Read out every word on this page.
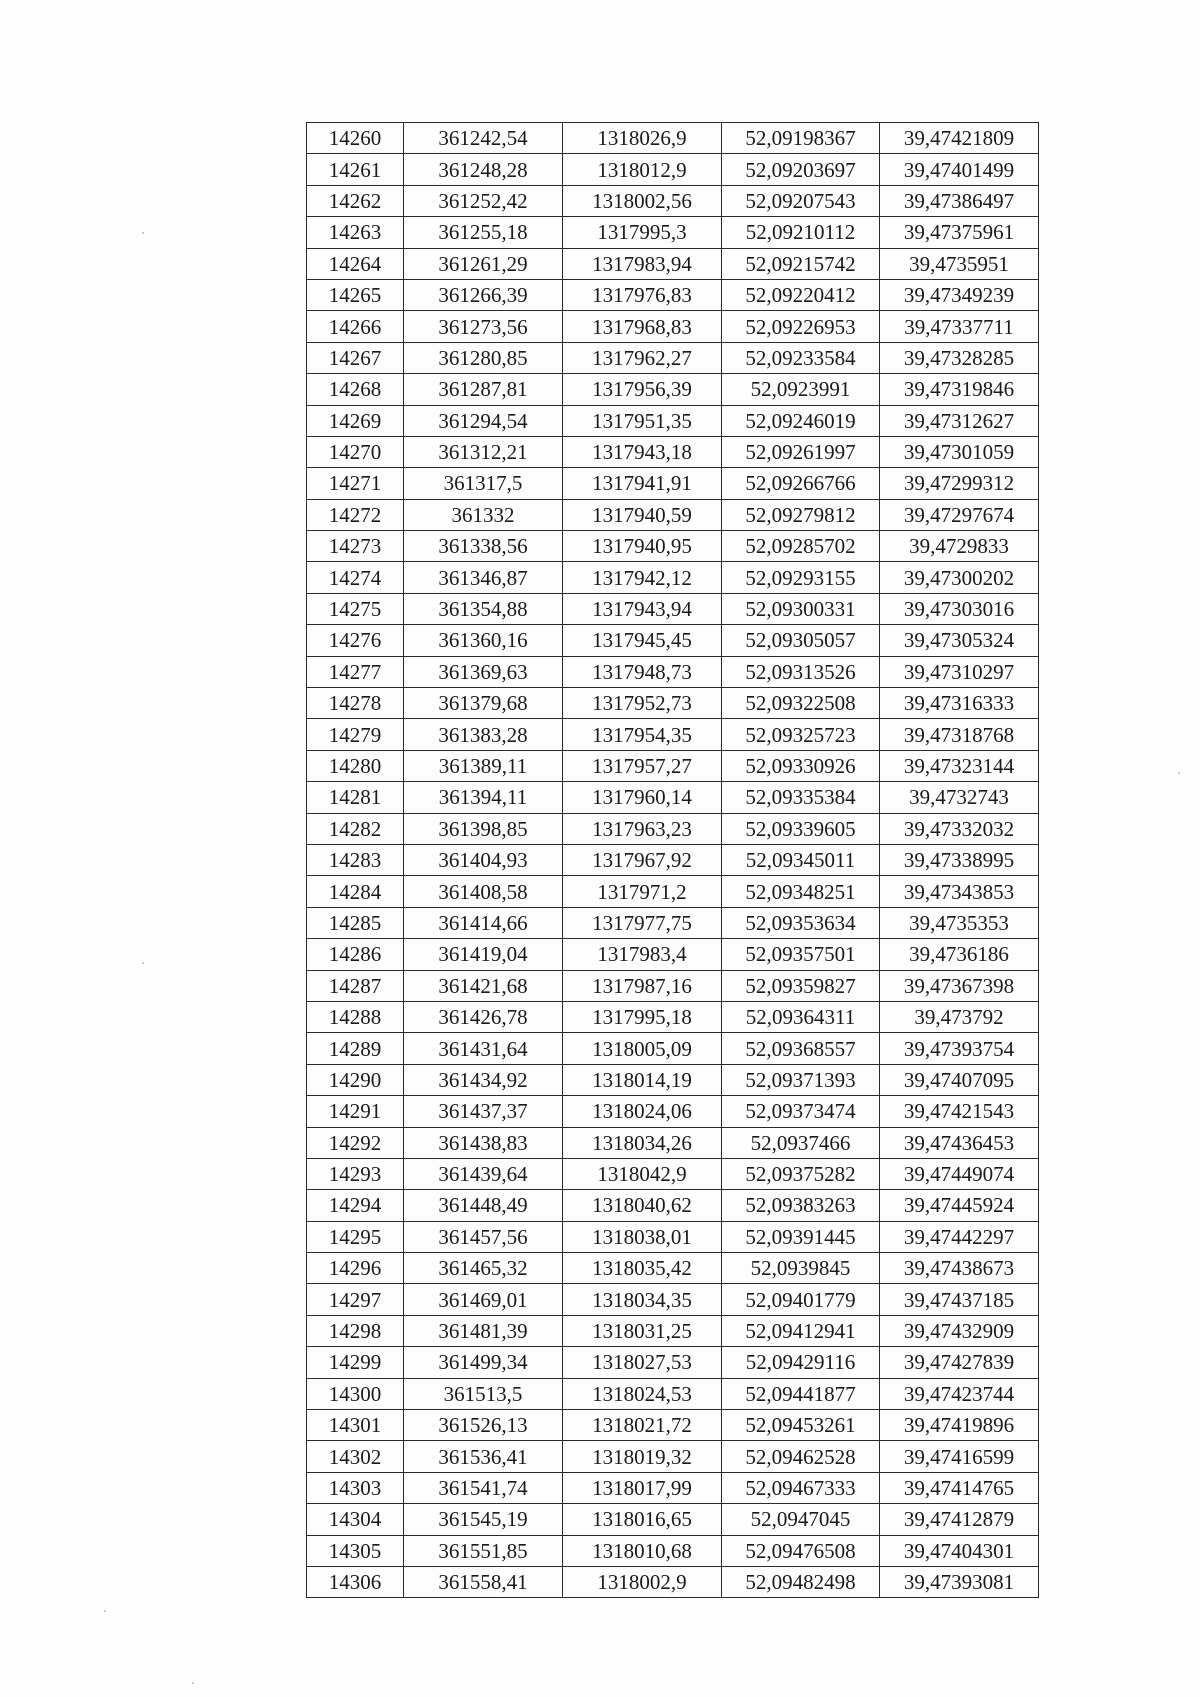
14260	361242,54	1318026,9	52,09198367	39,47421809
14261	361248,28	1318012,9	52,09203697	39,47401499
14262	361252,42	1318002,56	52,09207543	39,47386497
14263	361255,18	1317995,3	52,09210112	39,47375961
14264	361261,29	1317983,94	52,09215742	39,4735951
14265	361266,39	1317976,83	52,09220412	39,47349239
14266	361273,56	1317968,83	52,09226953	39,47337711
14267	361280,85	1317962,27	52,09233584	39,47328285
14268	361287,81	1317956,39	52,0923991	39,47319846
14269	361294,54	1317951,35	52,09246019	39,47312627
14270	361312,21	1317943,18	52,09261997	39,47301059
14271	361317,5	1317941,91	52,09266766	39,47299312
14272	361332	1317940,59	52,09279812	39,47297674
14273	361338,56	1317940,95	52,09285702	39,4729833
14274	361346,87	1317942,12	52,09293155	39,47300202
14275	361354,88	1317943,94	52,09300331	39,47303016
14276	361360,16	1317945,45	52,09305057	39,47305324
14277	361369,63	1317948,73	52,09313526	39,47310297
14278	361379,68	1317952,73	52,09322508	39,47316333
14279	361383,28	1317954,35	52,09325723	39,47318768
14280	361389,11	1317957,27	52,09330926	39,47323144
14281	361394,11	1317960,14	52,09335384	39,4732743
14282	361398,85	1317963,23	52,09339605	39,47332032
14283	361404,93	1317967,92	52,09345011	39,47338995
14284	361408,58	1317971,2	52,09348251	39,47343853
14285	361414,66	1317977,75	52,09353634	39,4735353
14286	361419,04	1317983,4	52,09357501	39,4736186
14287	361421,68	1317987,16	52,09359827	39,47367398
14288	361426,78	1317995,18	52,09364311	39,473792
14289	361431,64	1318005,09	52,09368557	39,47393754
14290	361434,92	1318014,19	52,09371393	39,47407095
14291	361437,37	1318024,06	52,09373474	39,47421543
14292	361438,83	1318034,26	52,0937466	39,47436453
14293	361439,64	1318042,9	52,09375282	39,47449074
14294	361448,49	1318040,62	52,09383263	39,47445924
14295	361457,56	1318038,01	52,09391445	39,47442297
14296	361465,32	1318035,42	52,0939845	39,47438673
14297	361469,01	1318034,35	52,09401779	39,47437185
14298	361481,39	1318031,25	52,09412941	39,47432909
14299	361499,34	1318027,53	52,09429116	39,47427839
14300	361513,5	1318024,53	52,09441877	39,47423744
14301	361526,13	1318021,72	52,09453261	39,47419896
14302	361536,41	1318019,32	52,09462528	39,47416599
14303	361541,74	1318017,99	52,09467333	39,47414765
14304	361545,19	1318016,65	52,0947045	39,47412879
14305	361551,85	1318010,68	52,09476508	39,47404301
14306	361558,41	1318002,9	52,09482498	39,47393081
